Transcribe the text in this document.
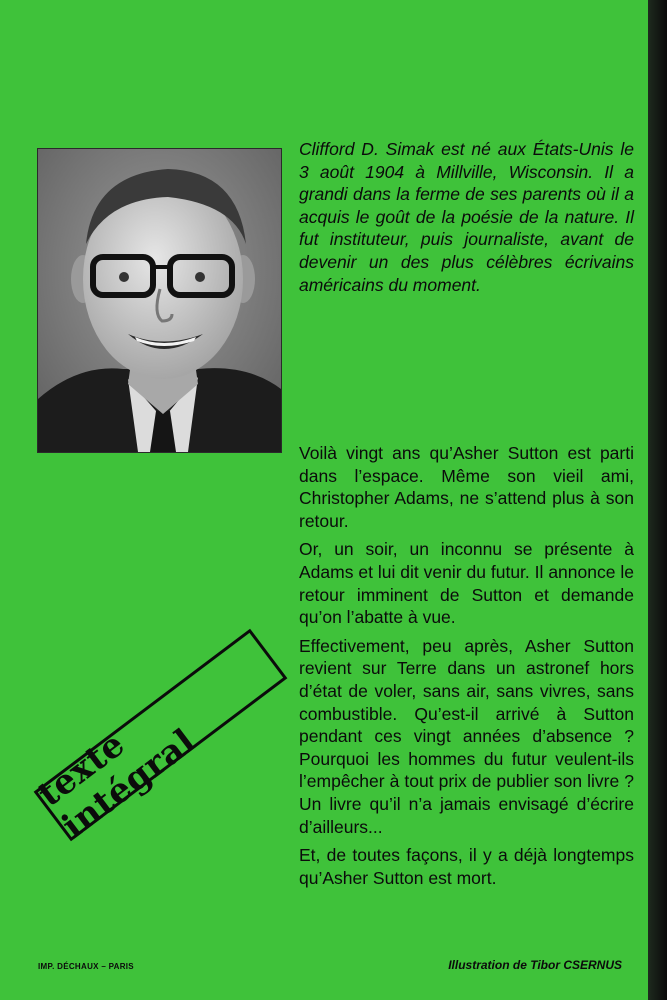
Clifford D. Simak est né aux États-Unis le 3 août 1904 à Millville, Wisconsin. Il a grandi dans la ferme de ses parents où il a acquis le goût de la poésie de la nature. Il fut instituteur, puis journaliste, avant de devenir un des plus célèbres écrivains américains du moment.

Voilà vingt ans qu’Asher Sutton est parti dans l’espace. Même son vieil ami, Christopher Adams, ne s’attend plus à son retour.

Or, un soir, un inconnu se présente à Adams et lui dit venir du futur. Il annonce le retour imminent de Sutton et demande qu’on l’abatte à vue.

Effectivement, peu après, Asher Sutton revient sur Terre dans un astronef hors d’état de voler, sans air, sans vivres, sans combustible. Qu’est-il arrivé à Sutton pendant ces vingt années d’absence ? Pourquoi les hommes du futur veulent-ils l’empêcher à tout prix de publier son livre ? Un livre qu’il n’a jamais envisagé d’écrire d’ailleurs...

Et, de toutes façons, il y a déjà longtemps qu’Asher Sutton est mort.

texte intégral
IMP. DÉCHAUX – PARIS	Illustration de Tibor CSERNUS
